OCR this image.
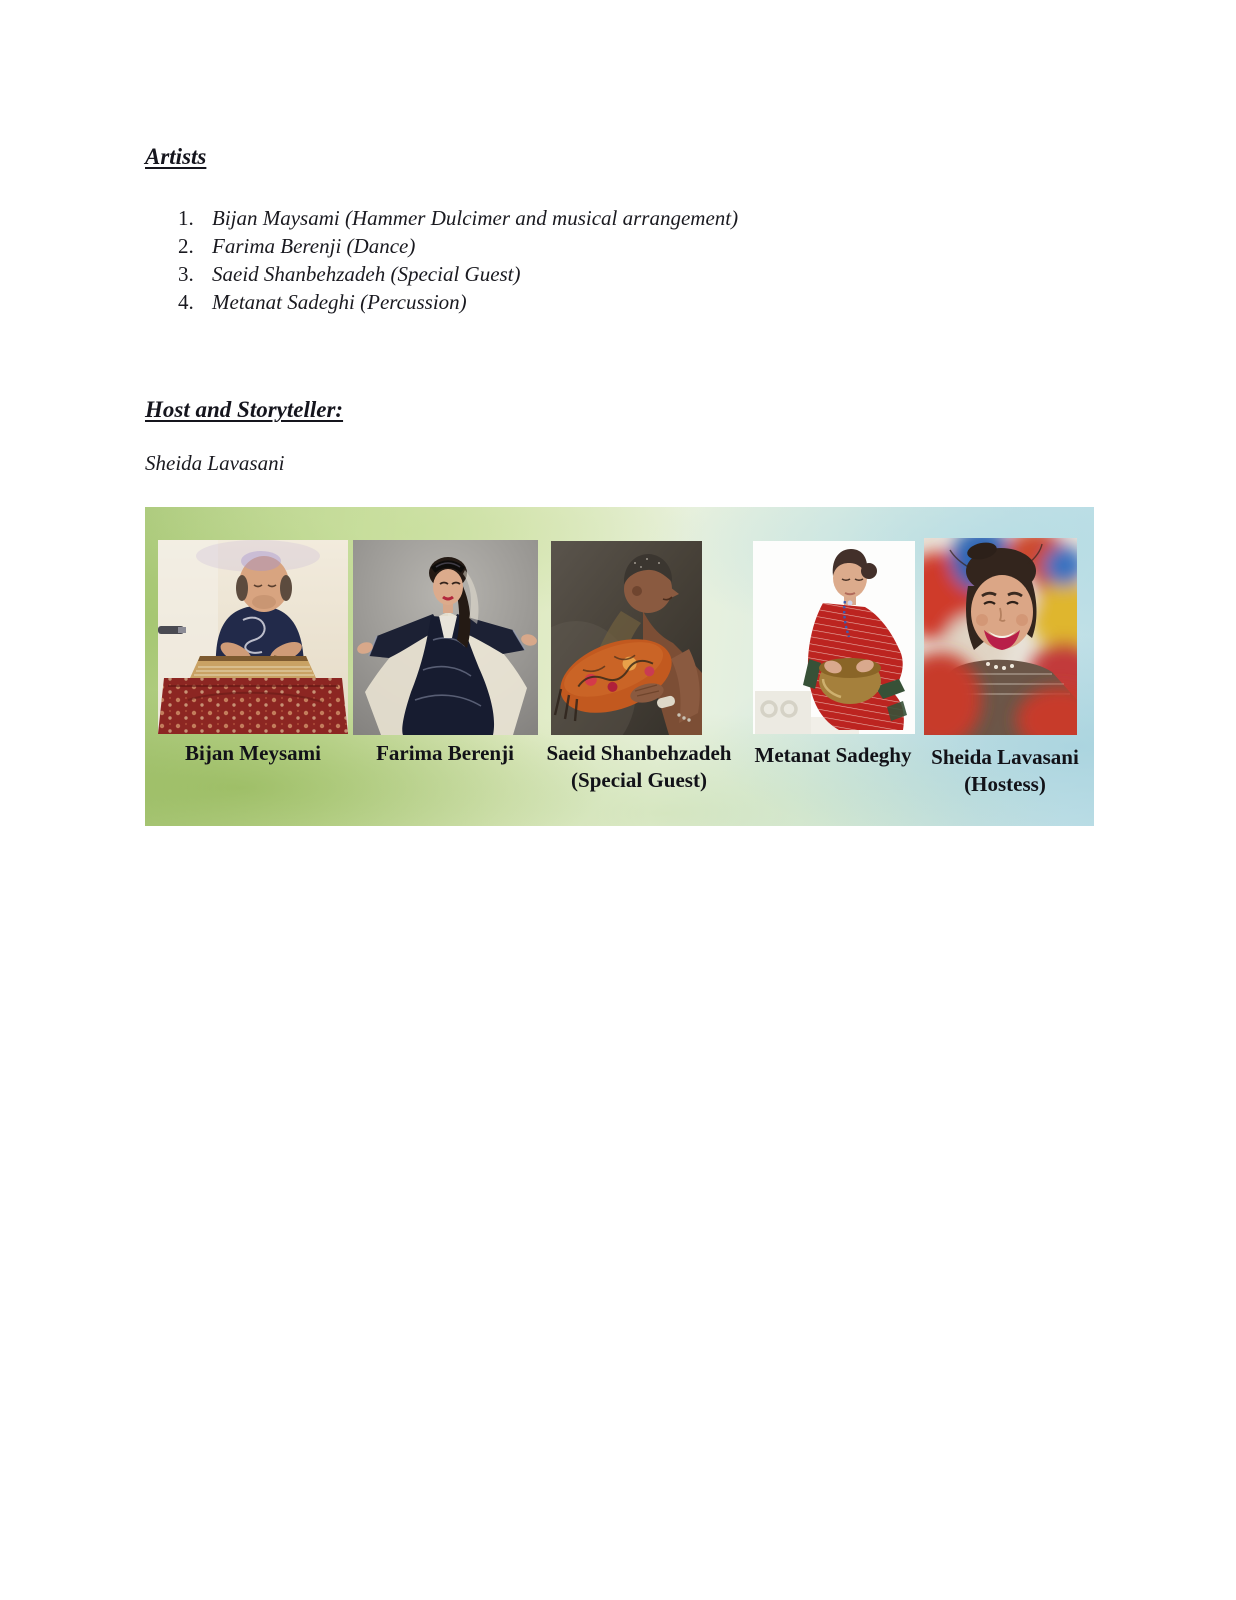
Artists
1. Bijan Maysami (Hammer Dulcimer and musical arrangement)
2. Farima Berenji (Dance)
3. Saeid Shanbehzadeh (Special Guest)
4. Metanat Sadeghi (Percussion)
Host and Storyteller:
Sheida Lavasani
Bijan Meysami	Farima Berenji	Saeid Shanbehzadeh
(Special Guest)
Metanat Sadeghy Sheida Lavasani
(Hostess)
